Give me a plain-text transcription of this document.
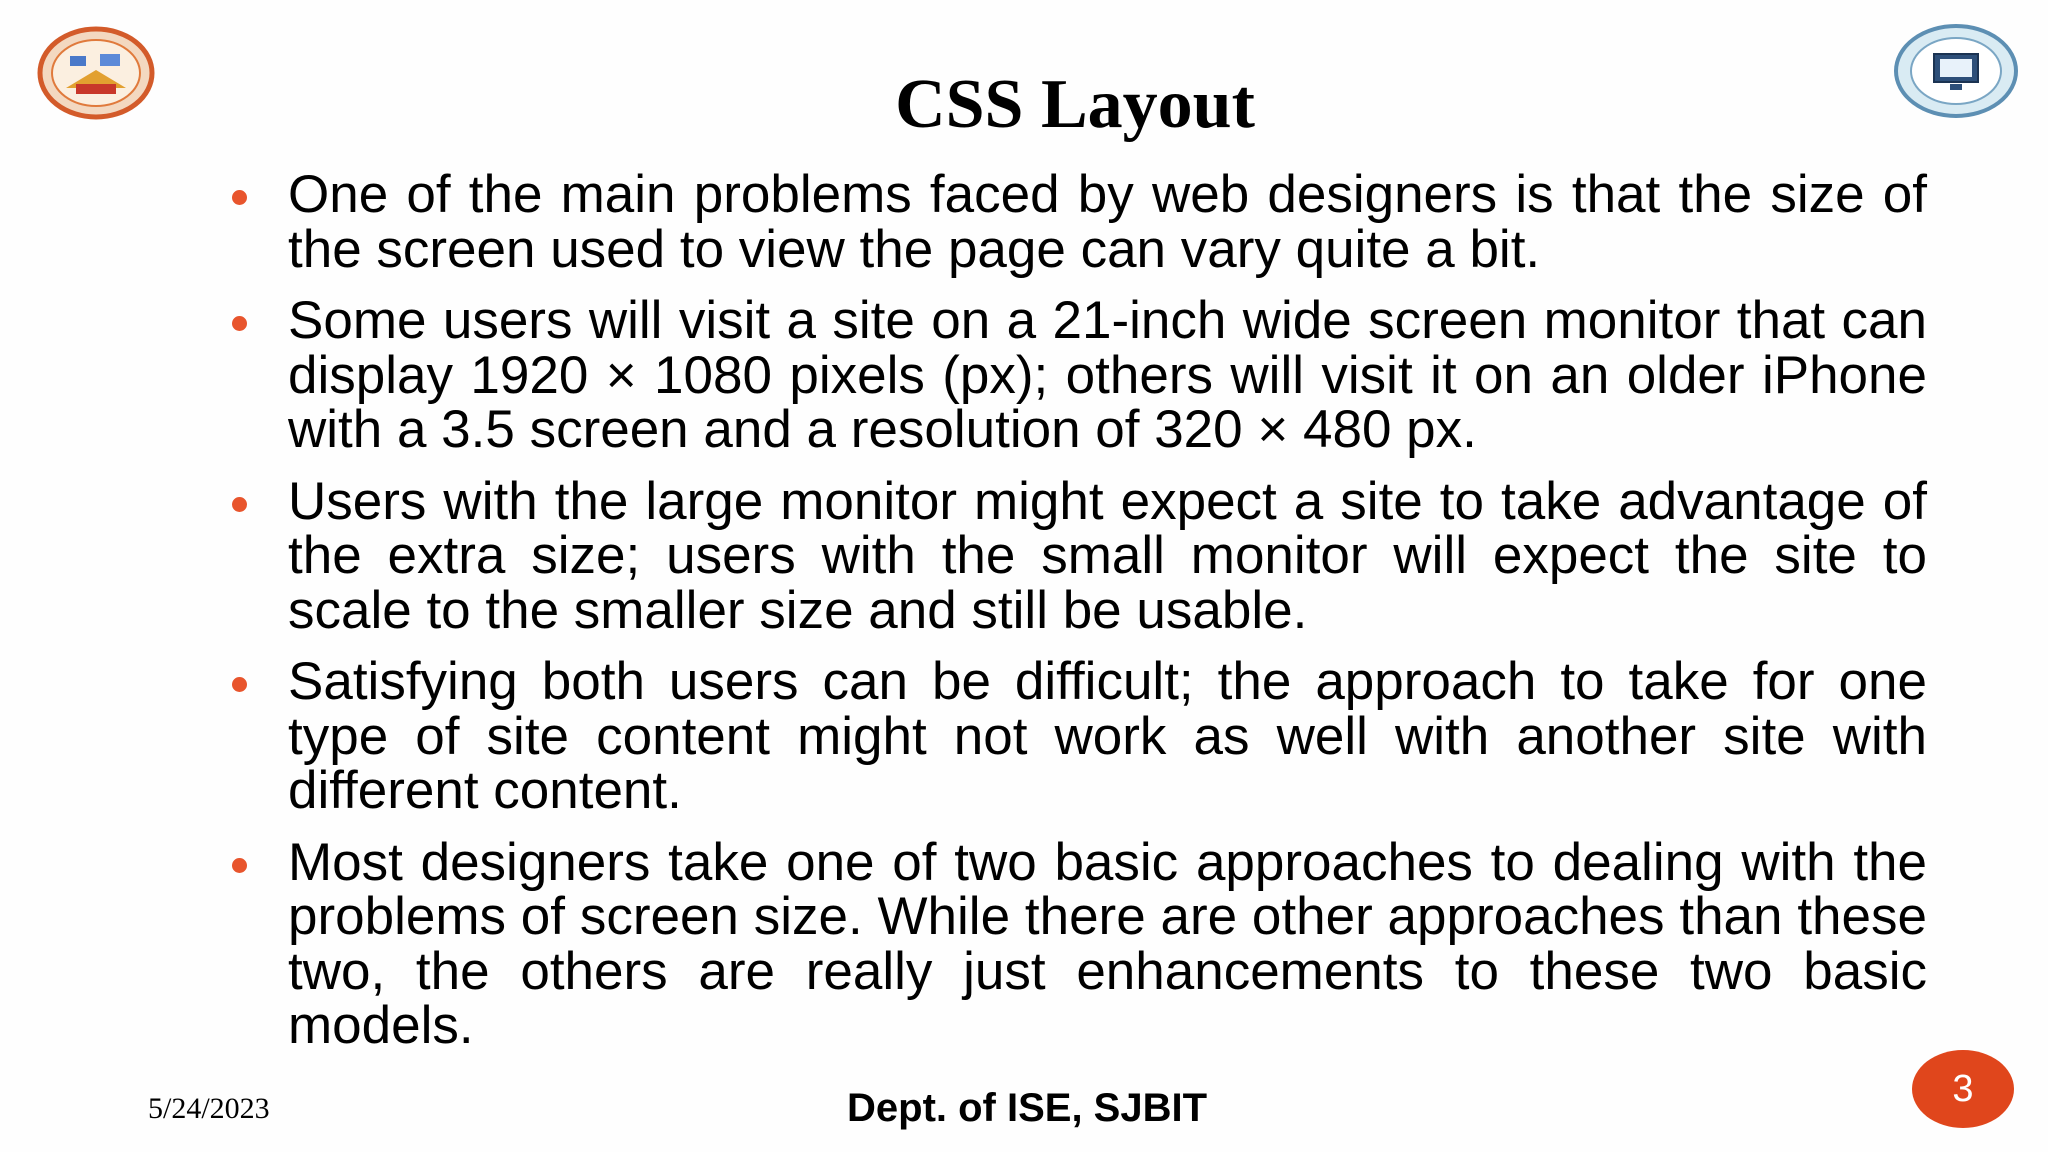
CSS Layout
One of the main problems faced by web designers is that the size of the screen used to view the page can vary quite a bit.
Some users will visit a site on a 21-inch wide screen monitor that can display 1920 × 1080 pixels (px); others will visit it on an older iPhone with a 3.5 screen and a resolution of 320 × 480 px.
Users with the large monitor might expect a site to take advantage of the extra size; users with the small monitor will expect the site to scale to the smaller size and still be usable.
Satisfying both users can be difficult; the approach to take for one type of site content might not work as well with another site with different content.
Most designers take one of two basic approaches to dealing with the problems of screen size. While there are other approaches than these two, the others are really just enhancements to these two basic models.
5/24/2023	Dept. of ISE, SJBIT	3
